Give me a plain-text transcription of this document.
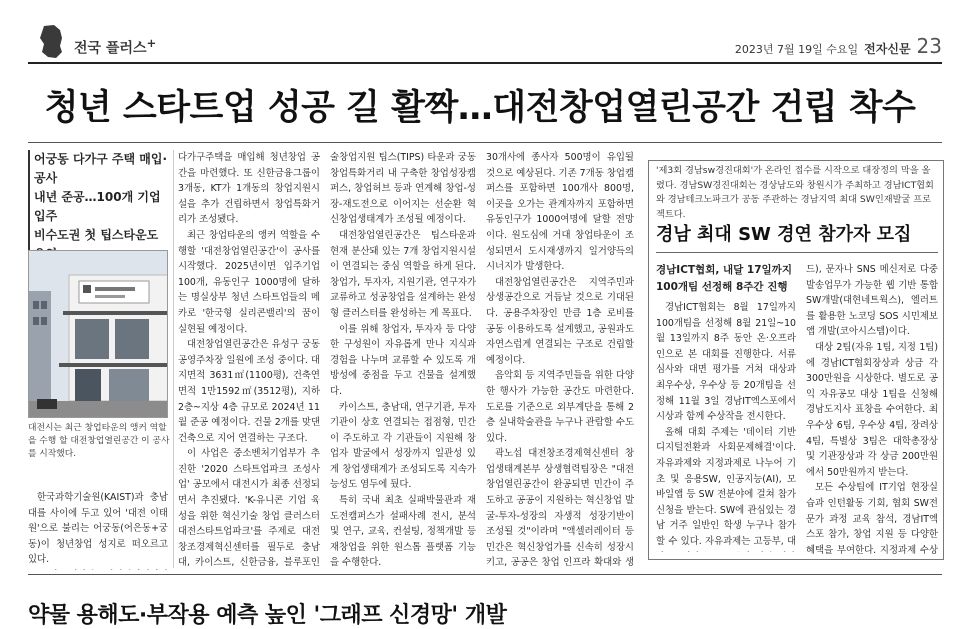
전국 플러스+	2023년 7월 19일 수요일 전자신문 23
청년 스타트업 성공 길 활짝…대전창업열린공간 건립 착수
어궁동 다가구 주택 매입·공사
내년 준공…100개 기업 입주
비수도권 첫 팁스타운도
대전시는 최근 창업타운의 앵커 역할을 수행 할 대전창업열린공간 이 공사를 시작했다.

한국과학기술원(KAIST)과 충남대를 사이에 두고 있어 '대전 이태원'으로 불리는 어궁동(어은동+궁동)이 청년창업 성지로 떠오르고 있다.

다가구주택을 매입해 청년창업 공간을 마련했다. 또 신한금융그룹이 3개동, KT가 1개동의 창업지원시설을 추가 건립하면서 창업특화거리가 조성됐다.

최근 창업타운의 앵커 역할을 수행할 '대전창업열린공간'이 공사를 시작했다. 2025년이면 입주기업 100개, 유동인구 1000명에 달하는 명실상부 청년 스타트업들의 메카로 '한국형 실리콘밸리'의 꿈이 실현될 예정이다.

대전창업열린공간은 유성구 궁동 공영주차장 일원에 조성 중이다. 대지면적 3631㎡(1100평), 건축연면적 1만1592㎡(3512평), 지하 2층~지상 4층 규모로 2024년 11월 준공 예정이다. 건물 2개를 맞댄 건축으로 지어 연결하는 구조다.

이 사업은 중소벤처기업부가 추진한 '2020 스타트업파크 조성사업' 공모에서 대전시가 최종 선정되면서 추진됐다. 'K-유니콘 기업 육성을 위한 혁신기술 창업 클러스터 대전스타트업파크'를 주제로 대전창조경제혁신센터를 필두로 충남대, 카이스트, 신한금융, 블루포인

술창업지원 팁스(TIPS) 타운과 궁동 창업특화거리 내 구축한 창업성장캠퍼스, 창업허브 등과 연계해 창업-성장-재도전으로 이어지는 선순환 혁신창업생태계가 조성될 예정이다.

대전창업열린공간은 팁스타운과 현재 분산돼 있는 7개 창업지원시설이 연결되는 중심 역할을 하게 된다. 창업가, 투자자, 지원기관, 연구자가 교류하고 성공창업을 설계하는 완성형 클러스터를 완성하는 게 목표다.

이를 위해 창업자, 투자자 등 다양한 구성원이 자유롭게 만나 지식과 경험을 나누며 교류할 수 있도록 개방성에 중점을 두고 건물을 설계했다.

카이스트, 충남대, 연구기관, 투자기관이 상호 연결되는 접점형, 민간이 주도하고 각 기관들이 지원해 창업자 발굴에서 성장까지 일관성 있게 창업생태계가 조성되도록 지속가능성도 염두에 뒀다.

특히 국내 최초 실패박물관과 재도전캠퍼스가 설패사례 전시, 분석 및 연구, 교육, 컨설팅, 정책개발 등 재창업을 위한 원스톱 플랫폼 기능을 수행한다.

30개사에 종사자 500명이 유입될 것으로 예상된다. 기존 7개동 창업캠퍼스를 포함하면 100개사 800명, 이곳을 오가는 관계자까지 포함하면 유동인구가 1000여명에 달할 전망이다. 원도심에 거대 창업타운이 조성되면서 도시재생까지 일거양득의 시너지가 발생한다.

대전창업열린공간은 지역주민과 상생공간으로 거듭날 것으로 기대된다. 공용주차장인 만큼 1층 로비를 공동 이용하도록 설계했고, 공원과도 자연스럽게 연결되는 구조로 건립할 예정이다.

음악회 등 지역주민들을 위한 다양한 행사가 가능한 공간도 마련한다. 도로를 기준으로 외부계단을 통해 2층 실내학술관을 누구나 관람할 수도 있다.

곽노섭 대전창조경제혁신센터 창업생태계본부 상생협력팀장은 "대전창업열린공간이 완공되면 민간이 주도하고 공공이 지원하는 혁신창업 발굴-투자-성장의 자생적 성장기반이 조성될 것"이라며 "액셀러레이터 등 민간은 혁신창업가를 신속히 성장시키고, 공공은 창업 인프라 확대와 생

'제3회 경남sw경진대회'가 온라인 접수를 시작으로 대장정의 막을 올렸다. 경남SW경진대회는 경상남도와 창원시가 주최하고 경남ICT협회와 경남테크노파크가 공동 주관하는 경남지역 최대 SW인재발굴 프로젝트다.
경남 최대 SW 경연 참가자 모집
경남ICT협회, 내달 17일까지 100개팀 선정해 8주간 진행

경남ICT협회는 8월 17일까지 100개팀을 선정해 8월 21일~10월 13일까지 8주 동안 온·오프라인으로 본 대회를 진행한다. 서류 심사와 대면 평가를 거쳐 대상과 최우수상, 우수상 등 20개팀을 선정해 11월 3일 경남IT엑스포에서 시상과 함께 수상작을 전시한다.

올해 대회 주제는 '데이터 기반 디지털전환과 사회문제해결'이다. 자유과제와 지정과제로 나누어 기초 및 응용SW, 인공지능(AI), 모바일앱 등 SW 전분야에 걸쳐 참가 신청을 받는다. SW에 관심있는 경남 거주 일반인 학생 누구나 참가할 수 있다. 자유과제는 고등부, 대

드), 문자나 SNS 메신저로 다중 발송업무가 가능한 웹 기반 통합 SW개발(대현네트웍스), 엘러트를 활용한 노코딩 SOS 시민제보앱 개발(코아시스템)이다.

대상 2팀(자유 1팀, 지정 1팀)에 경남ICT협회장상과 상금 각 300만원을 시상한다. 별도로 공익 자유공모 대상 1팀을 신청해 경남도지사 표창을 수여한다. 최우수상 6팀, 우수상 4팀, 장려상 4팀, 특별상 3팀은 대학총장상 및 기관장상과 각 상금 200만원에서 50만원까지 받는다.

모든 수상팀에 IT기업 현장실습과 인턴활동 기회, 협회 SW전문가 과정 교육 참석, 경남IT엑스포 참가, 창업 지원 등 다양한 혜택을 부여한다. 지정과제 수상

약물 용해도·부작용 예측 높인 '그래프 신경망' 개발
